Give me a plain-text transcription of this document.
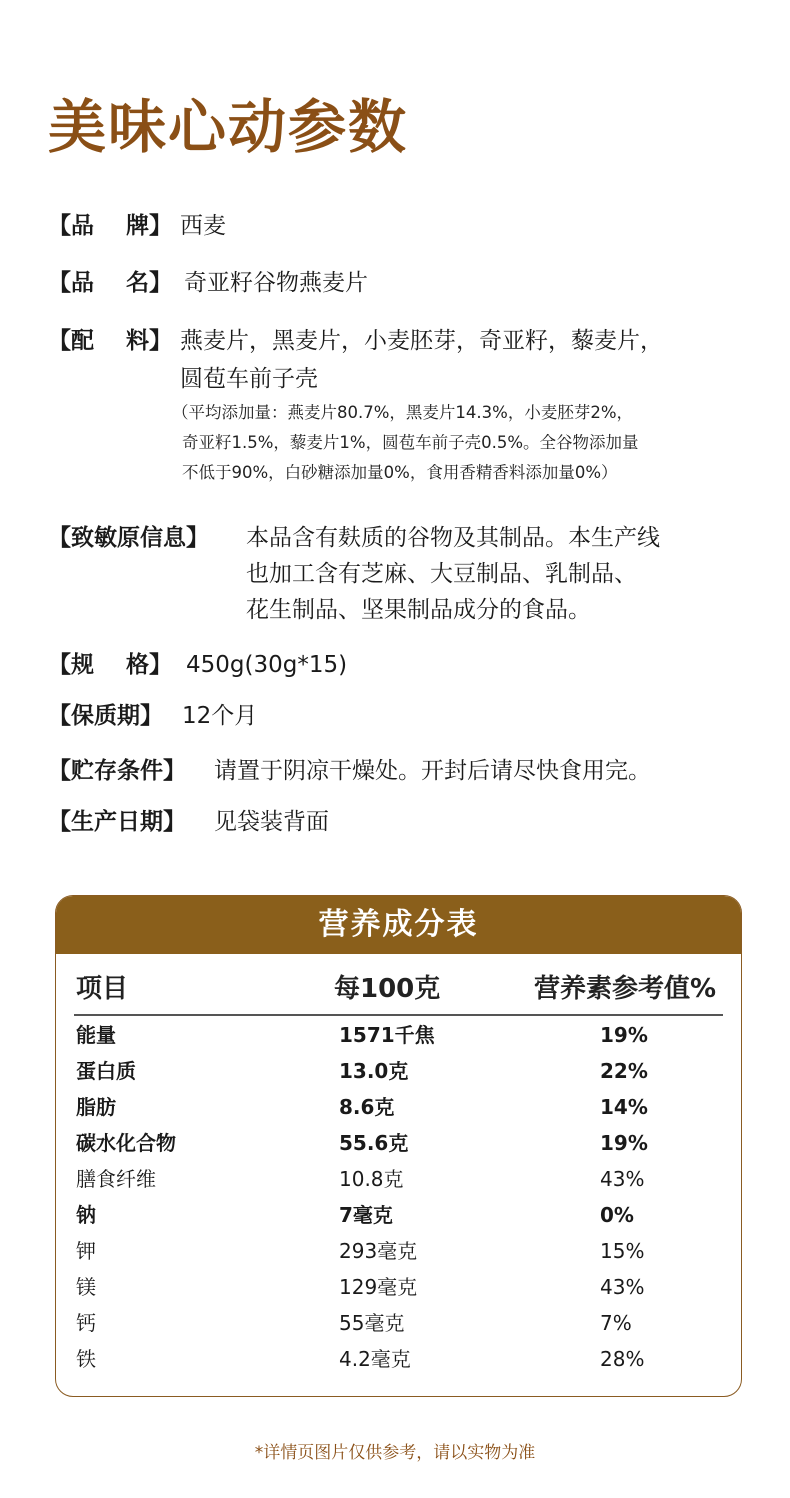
美味心动参数
【品    牌】 西麦
【品    名】 奇亚籽谷物燕麦片
【配    料】 燕麦片，黑麦片，小麦胚芽，奇亚籽，藜麦片，
圆苞车前子壳
（平均添加量：燕麦片80.7%，黑麦片14.3%，小麦胚芽2%，
奇亚籽1.5%，藜麦片1%，圆苞车前子壳0.5%。全谷物添加量
不低于90%，白砂糖添加量0%，食用香精香料添加量0%）
【致敏原信息】 本品含有麸质的谷物及其制品。本生产线
也加工含有芝麻、大豆制品、乳制品、
花生制品、坚果制品成分的食品。
【规    格】 450g(30g*15)
【保质期】 12个月
【贮存条件】 请置于阴凉干燥处。开封后请尽快食用完。
【生产日期】 见袋装背面
营养成分表
项目	每100克	营养素参考值%
能量	1571千焦	19%
蛋白质	13.0克	22%
脂肪	8.6克	14%
碳水化合物	55.6克	19%
膳食纤维	10.8克	43%
钠	7毫克	0%
钾	293毫克	15%
镁	129毫克	43%
钙	55毫克	7%
铁	4.2毫克	28%
*详情页图片仅供参考，请以实物为准
